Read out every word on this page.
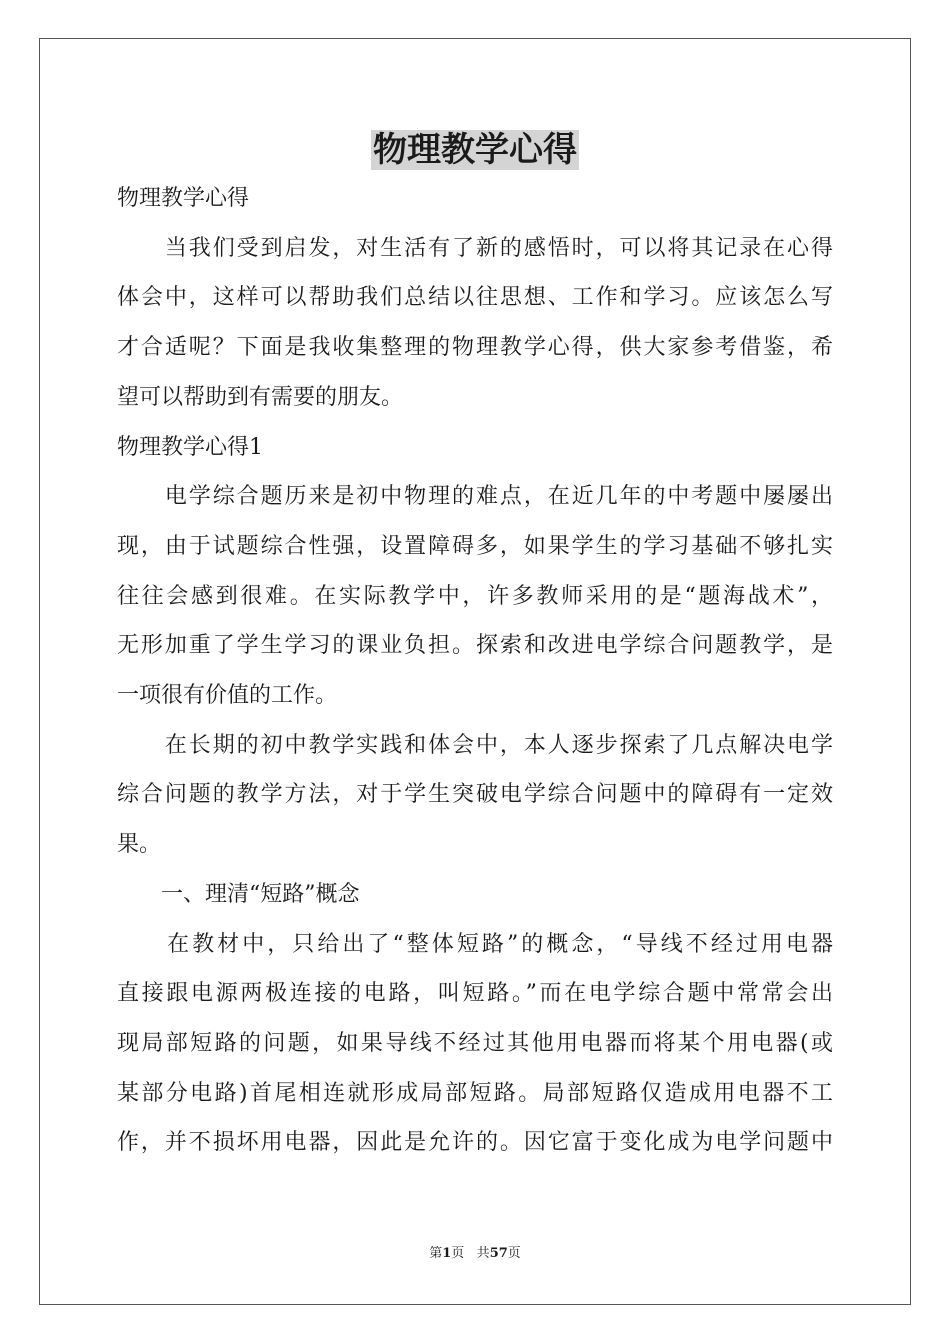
物理教学心得
物理教学心得
　　当我们受到启发，对生活有了新的感悟时，可以将其记录在心得
体会中，这样可以帮助我们总结以往思想、工作和学习。应该怎么写
才合适呢？下面是我收集整理的物理教学心得，供大家参考借鉴，希
望可以帮助到有需要的朋友。
物理教学心得1
　　电学综合题历来是初中物理的难点，在近几年的中考题中屡屡出
现，由于试题综合性强，设置障碍多，如果学生的学习基础不够扎实
往往会感到很难。在实际教学中，许多教师采用的是“题海战术”，
无形加重了学生学习的课业负担。探索和改进电学综合问题教学，是
一项很有价值的工作。
　　在长期的初中教学实践和体会中，本人逐步探索了几点解决电学
综合问题的教学方法，对于学生突破电学综合问题中的障碍有一定效
果。
　　一、理清“短路”概念
　　在教材中，只给出了“整体短路”的概念，“导线不经过用电器
直接跟电源两极连接的电路，叫短路。”而在电学综合题中常常会出
现局部短路的问题，如果导线不经过其他用电器而将某个用电器(或
某部分电路)首尾相连就形成局部短路。局部短路仅造成用电器不工
作，并不损坏用电器，因此是允许的。因它富于变化成为电学问题中
第1页 共57页
